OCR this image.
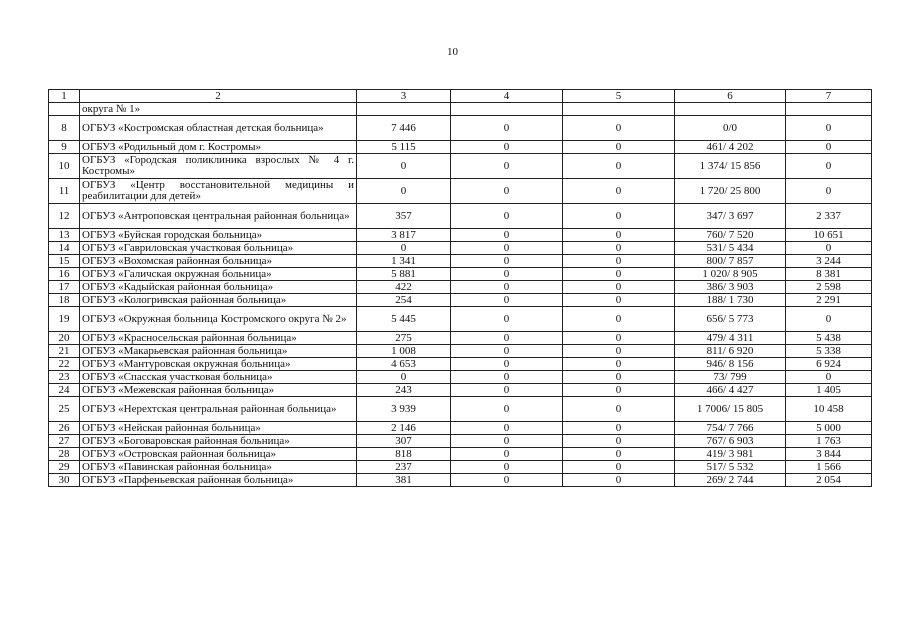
10
1	2	3	4	5	6	7
	округа № 1»					
8	ОГБУЗ «Костромская областная детская больница»	7 446	0	0	0/0	0
9	ОГБУЗ «Родильный дом г. Костромы»	5 115	0	0	461/ 4 202	0
10	ОГБУЗ «Городская поликлиника взрослых № 4 г. Костромы»	0	0	0	1 374/ 15 856	0
11	ОГБУЗ «Центр восстановительной медицины и реабилитации для детей»	0	0	0	1 720/ 25 800	0
12	ОГБУЗ «Антроповская центральная районная больница»	357	0	0	347/ 3 697	2 337
13	ОГБУЗ «Буйская городская больница»	3 817	0	0	760/ 7 520	10 651
14	ОГБУЗ «Гавриловская участковая больница»	0	0	0	531/ 5 434	0
15	ОГБУЗ «Вохомская районная больница»	1 341	0	0	800/ 7 857	3 244
16	ОГБУЗ «Галичская окружная больница»	5 881	0	0	1 020/ 8 905	8 381
17	ОГБУЗ «Кадыйская районная больница»	422	0	0	386/ 3 903	2 598
18	ОГБУЗ «Кологривская районная больница»	254	0	0	188/ 1 730	2 291
19	ОГБУЗ «Окружная больница Костромского округа № 2»	5 445	0	0	656/ 5 773	0
20	ОГБУЗ «Красносельская районная больница»	275	0	0	479/ 4 311	5 438
21	ОГБУЗ «Макарьевская районная больница»	1 008	0	0	811/ 6 920	5 338
22	ОГБУЗ «Мантуровская окружная больница»	4 653	0	0	946/ 8 156	6 924
23	ОГБУЗ «Спасская участковая больница»	0	0	0	73/ 799	0
24	ОГБУЗ «Межевская районная больница»	243	0	0	466/ 4 427	1 405
25	ОГБУЗ «Нерехтская центральная районная больница»	3 939	0	0	1 7006/ 15 805	10 458
26	ОГБУЗ «Нейская районная больница»	2 146	0	0	754/ 7 766	5 000
27	ОГБУЗ «Боговаровская районная больница»	307	0	0	767/ 6 903	1 763
28	ОГБУЗ «Островская районная больница»	818	0	0	419/ 3 981	3 844
29	ОГБУЗ «Павинская районная больница»	237	0	0	517/ 5 532	1 566
30	ОГБУЗ «Парфеньевская районная больница»	381	0	0	269/ 2 744	2 054
